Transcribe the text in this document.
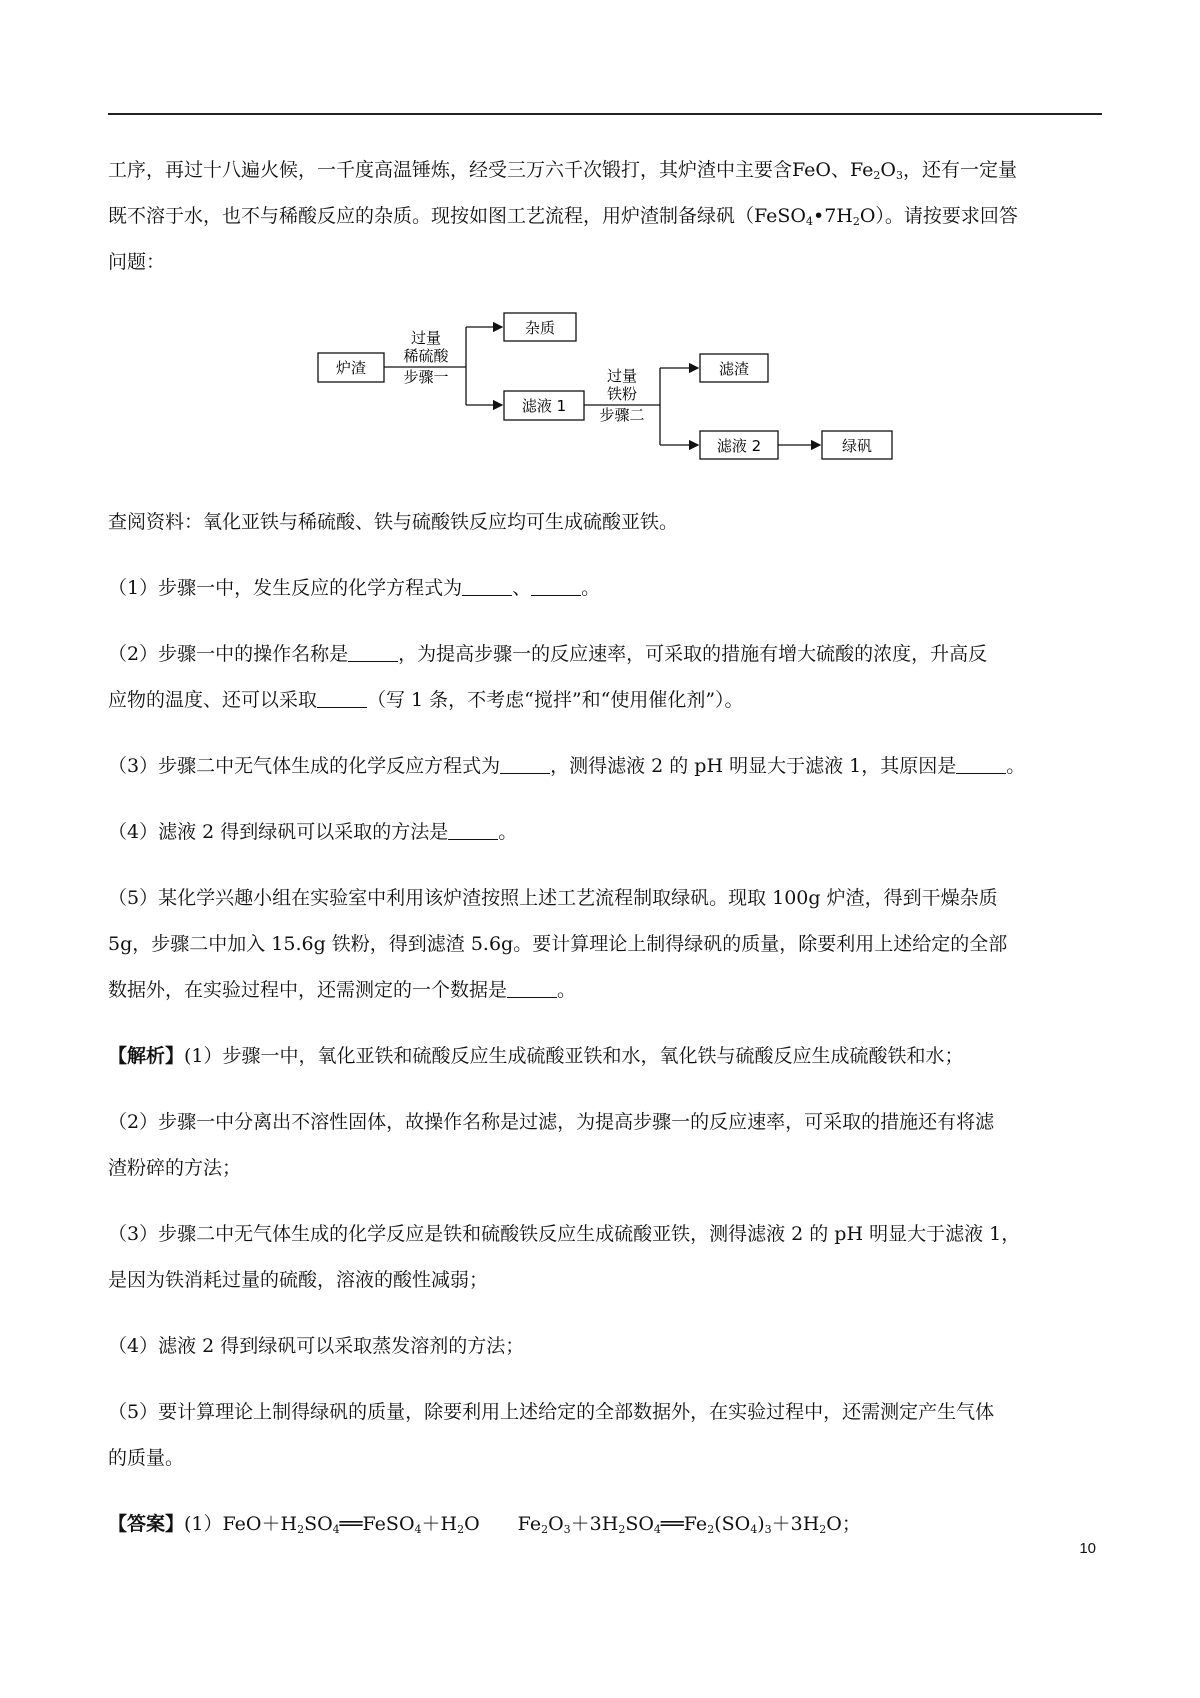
工序，再过十八遍火候，一千度高温锤炼，经受三万六千次锻打，其炉渣中主要含FeO、$Fe_2O_3$，还有一定量

既不溶于水，也不与稀酸反应的杂质。现按如图工艺流程，用炉渣制备绿矾$(FeSO_4•7H_2O)$。请按要求回答

问题：

炉渣
杂质
滤液 1
滤渣
滤液 2	绿矾
过量
稀硫酸
步骤一	过量
铁粉
步骤二

查阅资料：氧化亚铁与稀硫酸、铁与硫酸铁反应均可生成硫酸亚铁。

（1）步骤一中，发生反应的化学方程式为	、	。

（2）步骤一中的操作名称是	，为提高步骤一的反应速率，可采取的措施有增大硫酸的浓度，升高反

应物的温度、还可以采取	（写 1 条，不考虑“搅拌”和“使用催化剂”）。

（3）步骤二中无气体生成的化学反应方程式为	，测得滤液 2 的 pH 明显大于滤液 1，其原因是	。

（4）滤液 2 得到绿矾可以采取的方法是	。

（5）某化学兴趣小组在实验室中利用该炉渣按照上述工艺流程制取绿矾。现取 100g 炉渣，得到干燥杂质

5g，步骤二中加入 15.6g 铁粉，得到滤渣 5.6g。要计算理论上制得绿矾的质量，除要利用上述给定的全部

数据外，在实验过程中，还需测定的一个数据是	。

【解析】(1）步骤一中，氧化亚铁和硫酸反应生成硫酸亚铁和水，氧化铁与硫酸反应生成硫酸铁和水；

（2）步骤一中分离出不溶性固体，故操作名称是过滤，为提高步骤一的反应速率，可采取的措施还有将滤

渣粉碎的方法；

（3）步骤二中无气体生成的化学反应是铁和硫酸铁反应生成硫酸亚铁，测得滤液 2 的 pH 明显大于滤液 1，

是因为铁消耗过量的硫酸，溶液的酸性减弱；

（4）滤液 2 得到绿矾可以采取蒸发溶剂的方法；

（5）要计算理论上制得绿矾的质量，除要利用上述给定的全部数据外，在实验过程中，还需测定产生气体

的质量。

【答案】$(1)FeO+H_2SO_4══FeSO_4+H_2O$　　$Fe_2O_3+3H_2SO_4══Fe_2(SO_4)_3+3H_2O$；

10
